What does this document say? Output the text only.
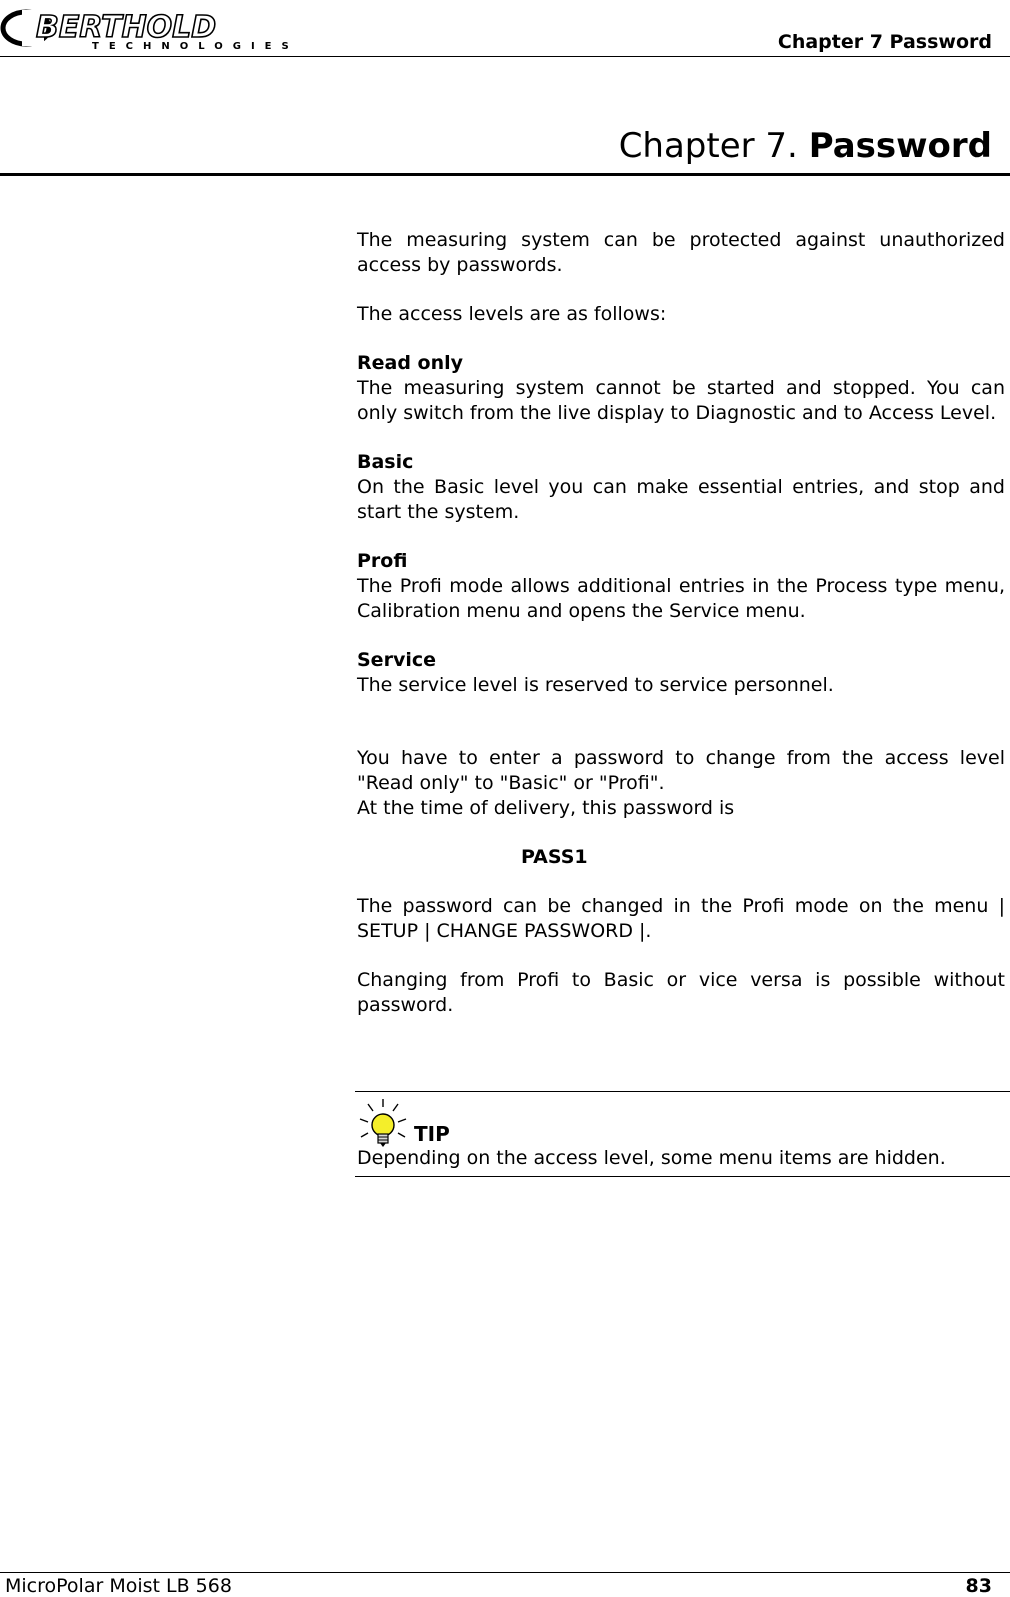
BERTHOLD
TECHNOLOGIES	Chapter 7 Password
Chapter 7. Password

The measuring system can be protected against unauthorized access by passwords.

The access levels are as follows:

Read only

The measuring system cannot be started and stopped. You can only switch from the live display to Diagnostic and to Access Level.

Basic

On the Basic level you can make essential entries, and stop and start the system.

Profi

The Profi mode allows additional entries in the Process type menu, Calibration menu and opens the Service menu.

Service

The service level is reserved to service personnel.

You have to enter a password to change from the access level "Read only" to "Basic" or "Profi".

At the time of delivery, this password is

PASS1

The password can be changed in the Profi mode on the menu | SETUP | CHANGE PASSWORD |.

Changing from Profi to Basic or vice versa is possible without password.

TIP
Depending on the access level, some menu items are hidden.
MicroPolar Moist LB 568	83
